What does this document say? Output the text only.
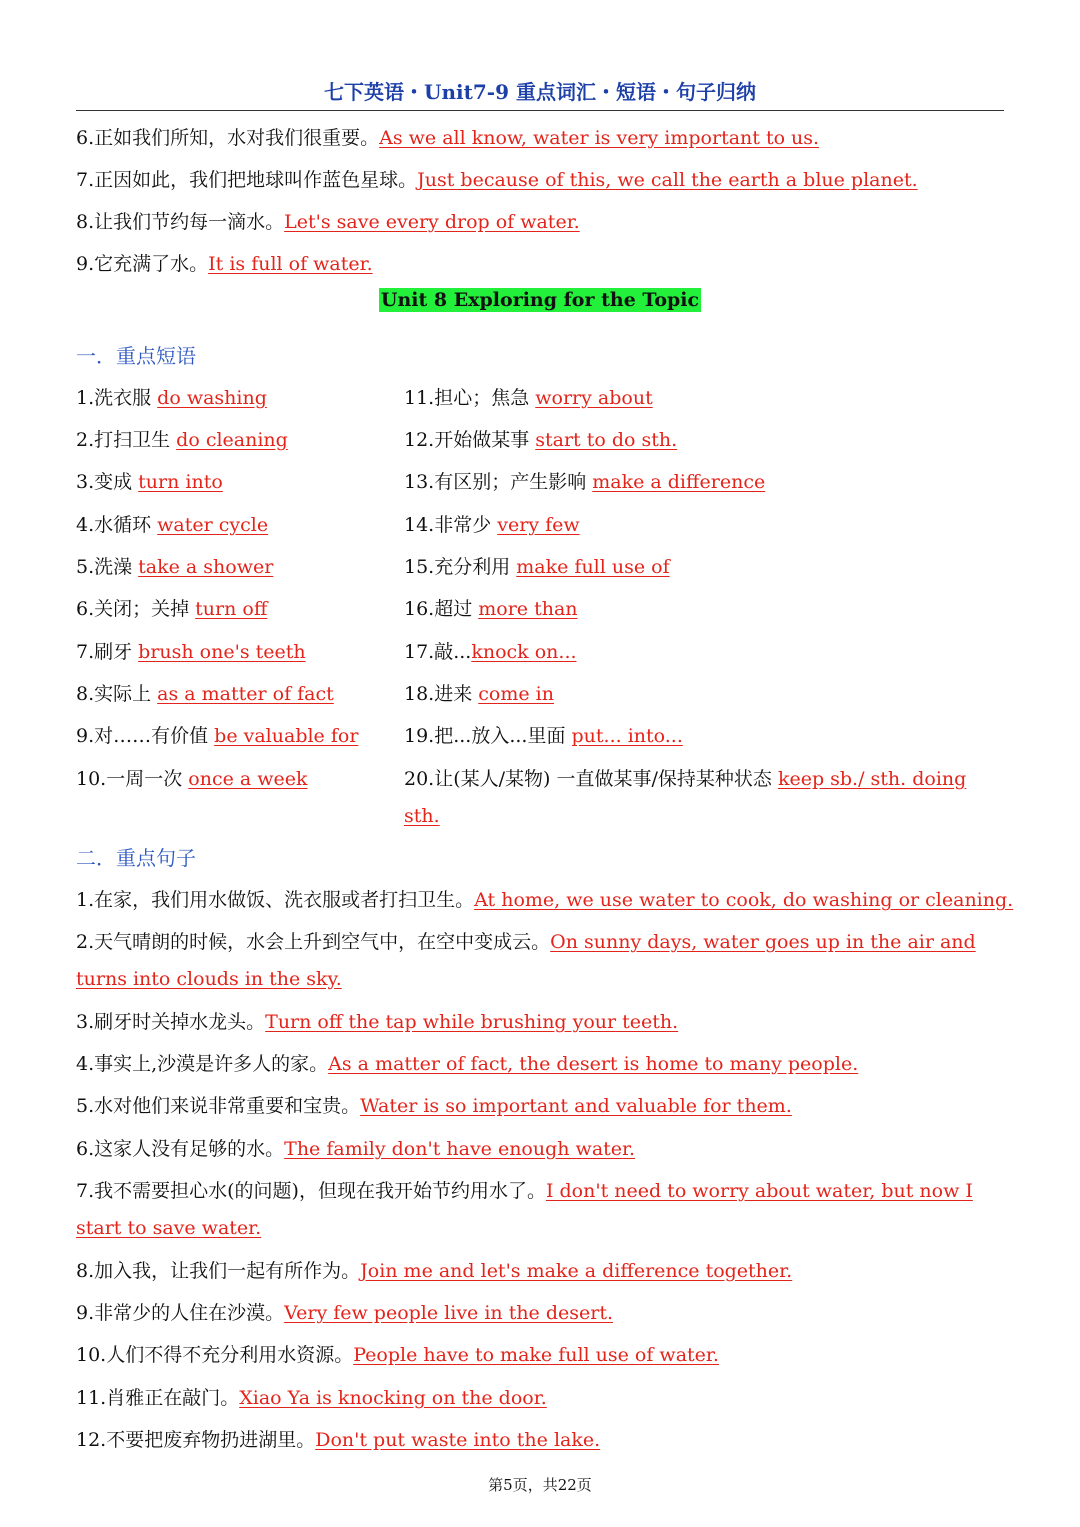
七下英语・Unit7-9 重点词汇・短语・句子归纳
6.正如我们所知，水对我们很重要。As we all know, water is very important to us.
7.正因如此，我们把地球叫作蓝色星球。Just because of this, we call the earth a blue planet.
8.让我们节约每一滴水。Let's save every drop of water.
9.它充满了水。It is full of water.
Unit 8 Exploring for the Topic
一．重点短语
1.洗衣服 do washing
2.打扫卫生 do cleaning
3.变成 turn into
4.水循环 water cycle
5.洗澡 take a shower
6.关闭；关掉 turn off
7.刷牙 brush one's teeth
8.实际上 as a matter of fact
9.对……有价值 be valuable for
10.一周一次 once a week
11.担心；焦急 worry about
12.开始做某事 start to do sth.
13.有区别；产生影响 make a difference
14.非常少 very few
15.充分利用 make full use of
16.超过 more than
17.敲...knock on...
18.进来 come in
19.把...放入...里面 put... into...
20.让(某人/某物) 一直做某事/保持某种状态 keep sb./ sth. doing
sth.
二．重点句子
1.在家，我们用水做饭、洗衣服或者打扫卫生。At home, we use water to cook, do washing or cleaning.
2.天气晴朗的时候，水会上升到空气中，在空中变成云。On sunny days, water goes up in the air and
turns into clouds in the sky.
3.刷牙时关掉水龙头。Turn off the tap while brushing your teeth.
4.事实上,沙漠是许多人的家。As a matter of fact, the desert is home to many people.
5.水对他们来说非常重要和宝贵。Water is so important and valuable for them.
6.这家人没有足够的水。The family don't have enough water.
7.我不需要担心水(的问题)，但现在我开始节约用水了。I don't need to worry about water, but now I
start to save water.
8.加入我，让我们一起有所作为。Join me and let's make a difference together.
9.非常少的人住在沙漠。Very few people live in the desert.
10.人们不得不充分利用水资源。People have to make full use of water.
11.肖雅正在敲门。Xiao Ya is knocking on the door.
12.不要把废弃物扔进湖里。Don't put waste into the lake.
第5页，共22页
